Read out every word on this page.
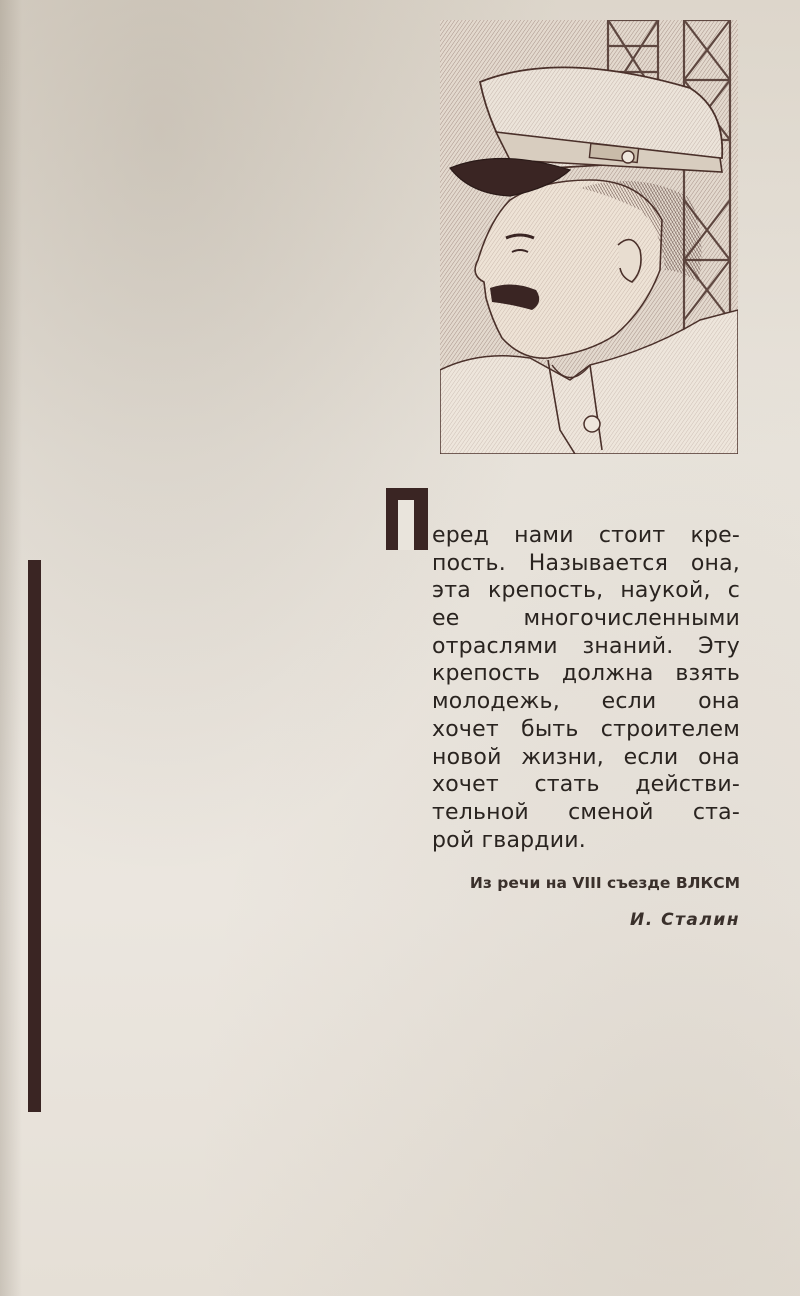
еред нами стоит кре-
пость. Называется она,
эта крепость, наукой, с
ее многочисленными
отраслями знаний. Эту
крепость должна взять
молодежь, если она
хочет быть строителем
новой жизни, если она
хочет стать действи-
тельной сменой ста-
рой гвардии.
Из речи на VIII съезде ВЛКСМ
И. Сталин
